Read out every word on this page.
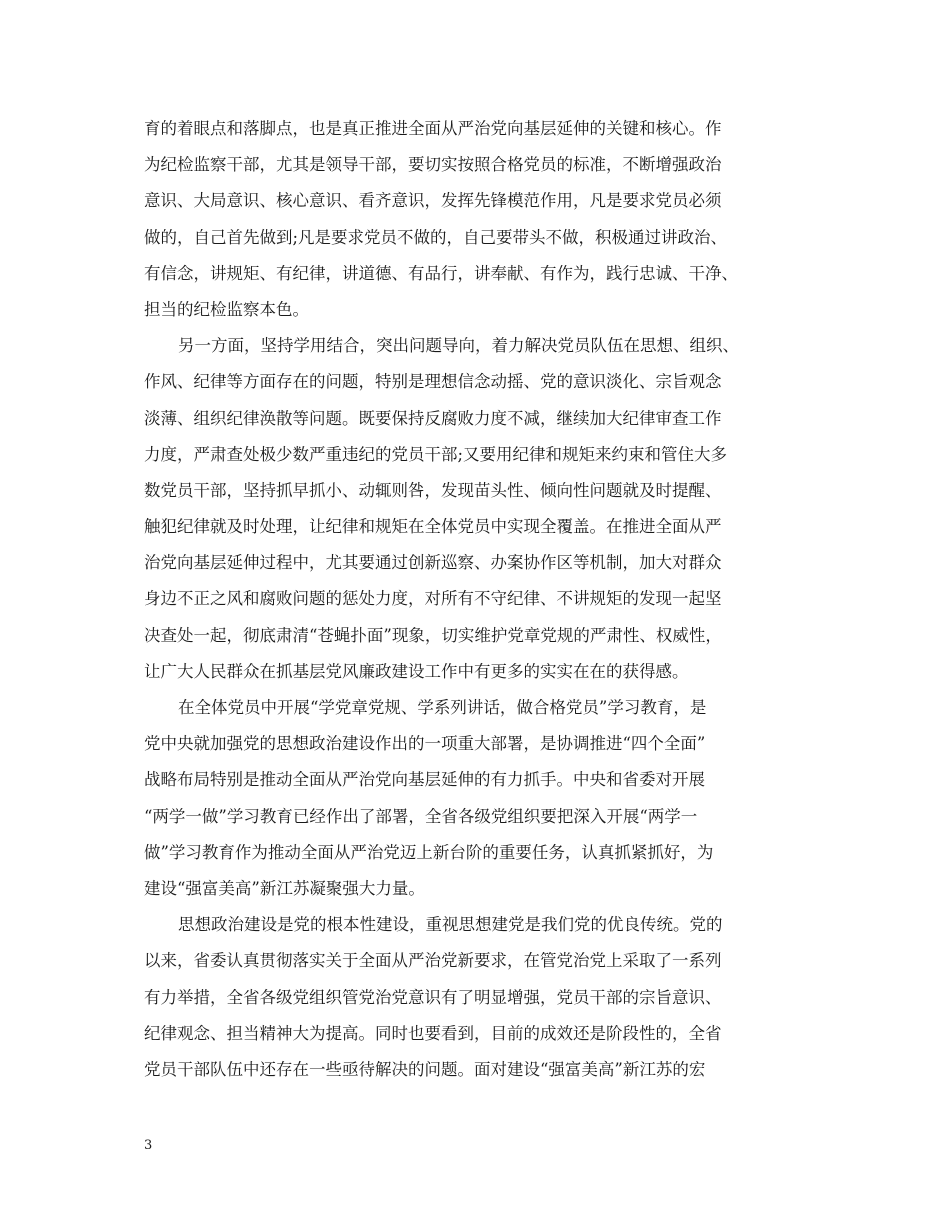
育的着眼点和落脚点，也是真正推进全面从严治党向基层延伸的关键和核心。作
为纪检监察干部，尤其是领导干部，要切实按照合格党员的标准，不断增强政治
意识、大局意识、核心意识、看齐意识，发挥先锋模范作用，凡是要求党员必须
做的，自己首先做到;凡是要求党员不做的，自己要带头不做，积极通过讲政治、
有信念，讲规矩、有纪律，讲道德、有品行，讲奉献、有作为，践行忠诚、干净、
担当的纪检监察本色。
另一方面，坚持学用结合，突出问题导向，着力解决党员队伍在思想、组织、
作风、纪律等方面存在的问题，特别是理想信念动摇、党的意识淡化、宗旨观念
淡薄、组织纪律涣散等问题。既要保持反腐败力度不减，继续加大纪律审查工作
力度，严肃查处极少数严重违纪的党员干部;又要用纪律和规矩来约束和管住大多
数党员干部，坚持抓早抓小、动辄则咎，发现苗头性、倾向性问题就及时提醒、
触犯纪律就及时处理，让纪律和规矩在全体党员中实现全覆盖。在推进全面从严
治党向基层延伸过程中，尤其要通过创新巡察、办案协作区等机制，加大对群众
身边不正之风和腐败问题的惩处力度，对所有不守纪律、不讲规矩的发现一起坚
决查处一起，彻底肃清“苍蝇扑面”现象，切实维护党章党规的严肃性、权威性，
让广大人民群众在抓基层党风廉政建设工作中有更多的实实在在的获得感。
在全体党员中开展“学党章党规、学系列讲话，做合格党员”学习教育，是
党中央就加强党的思想政治建设作出的一项重大部署，是协调推进“四个全面”
战略布局特别是推动全面从严治党向基层延伸的有力抓手。中央和省委对开展
“两学一做”学习教育已经作出了部署，全省各级党组织要把深入开展“两学一
做”学习教育作为推动全面从严治党迈上新台阶的重要任务，认真抓紧抓好，为
建设“强富美高”新江苏凝聚强大力量。
思想政治建设是党的根本性建设，重视思想建党是我们党的优良传统。党的
以来，省委认真贯彻落实关于全面从严治党新要求，在管党治党上采取了一系列
有力举措，全省各级党组织管党治党意识有了明显增强，党员干部的宗旨意识、
纪律观念、担当精神大为提高。同时也要看到，目前的成效还是阶段性的，全省
党员干部队伍中还存在一些亟待解决的问题。面对建设“强富美高”新江苏的宏
3
